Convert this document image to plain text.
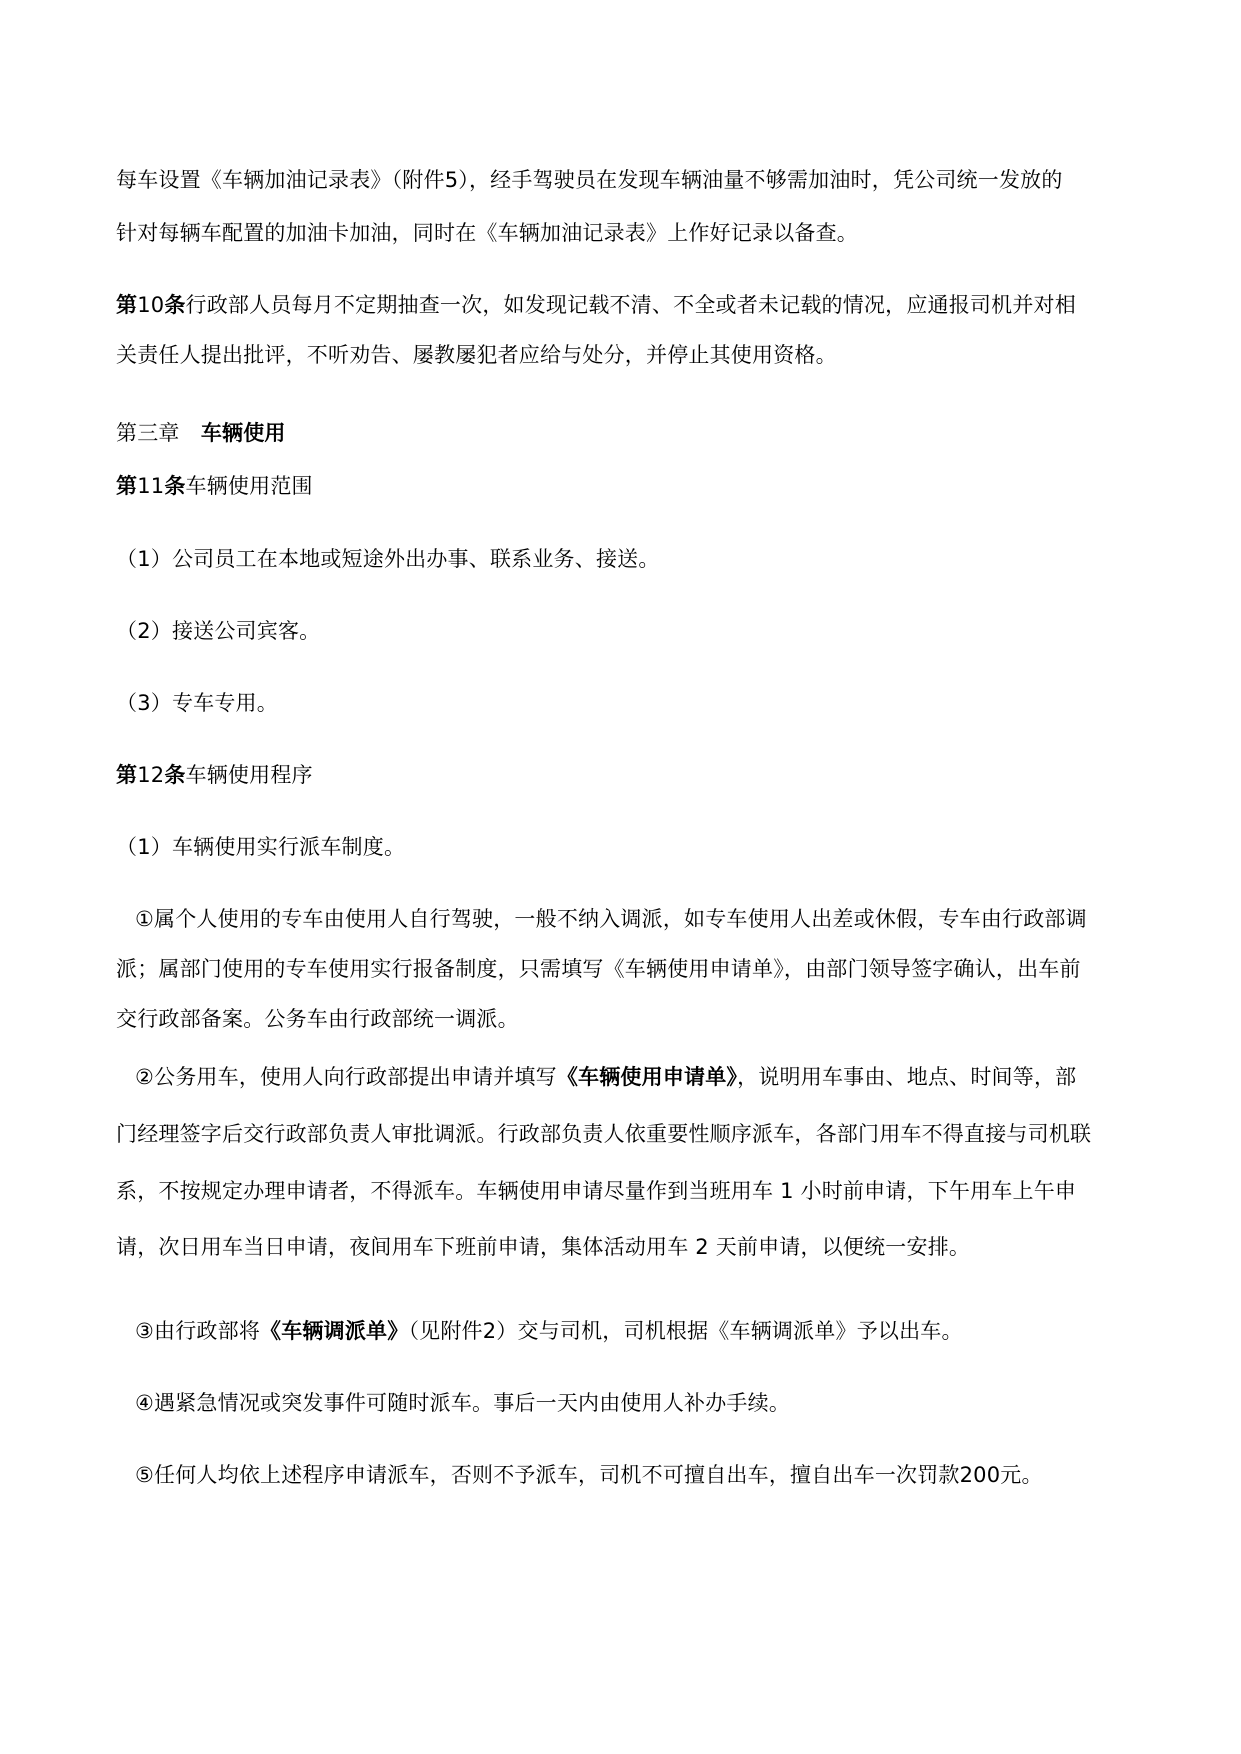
每车设置《车辆加油记录表》（附件5），经手驾驶员在发现车辆油量不够需加油时，凭公司统一发放的
针对每辆车配置的加油卡加油，同时在《车辆加油记录表》上作好记录以备查。
第10条行政部人员每月不定期抽查一次，如发现记载不清、不全或者未记载的情况，应通报司机并对相
关责任人提出批评，不听劝告、屡教屡犯者应给与处分，并停止其使用资格。
第三章　车辆使用
第11条车辆使用范围
（1）公司员工在本地或短途外出办事、联系业务、接送。
（2）接送公司宾客。
（3）专车专用。
第12条车辆使用程序
（1）车辆使用实行派车制度。
①属个人使用的专车由使用人自行驾驶，一般不纳入调派，如专车使用人出差或休假，专车由行政部调
派；属部门使用的专车使用实行报备制度，只需填写《车辆使用申请单》，由部门领导签字确认，出车前
交行政部备案。公务车由行政部统一调派。
②公务用车，使用人向行政部提出申请并填写《车辆使用申请单》，说明用车事由、地点、时间等，部
门经理签字后交行政部负责人审批调派。行政部负责人依重要性顺序派车，各部门用车不得直接与司机联
系，不按规定办理申请者，不得派车。车辆使用申请尽量作到当班用车 1 小时前申请，下午用车上午申
请，次日用车当日申请，夜间用车下班前申请，集体活动用车 2 天前申请，以便统一安排。
③由行政部将《车辆调派单》（见附件2）交与司机，司机根据《车辆调派单》予以出车。
④遇紧急情况或突发事件可随时派车。事后一天内由使用人补办手续。
⑤任何人均依上述程序申请派车，否则不予派车，司机不可擅自出车，擅自出车一次罚款200元。
